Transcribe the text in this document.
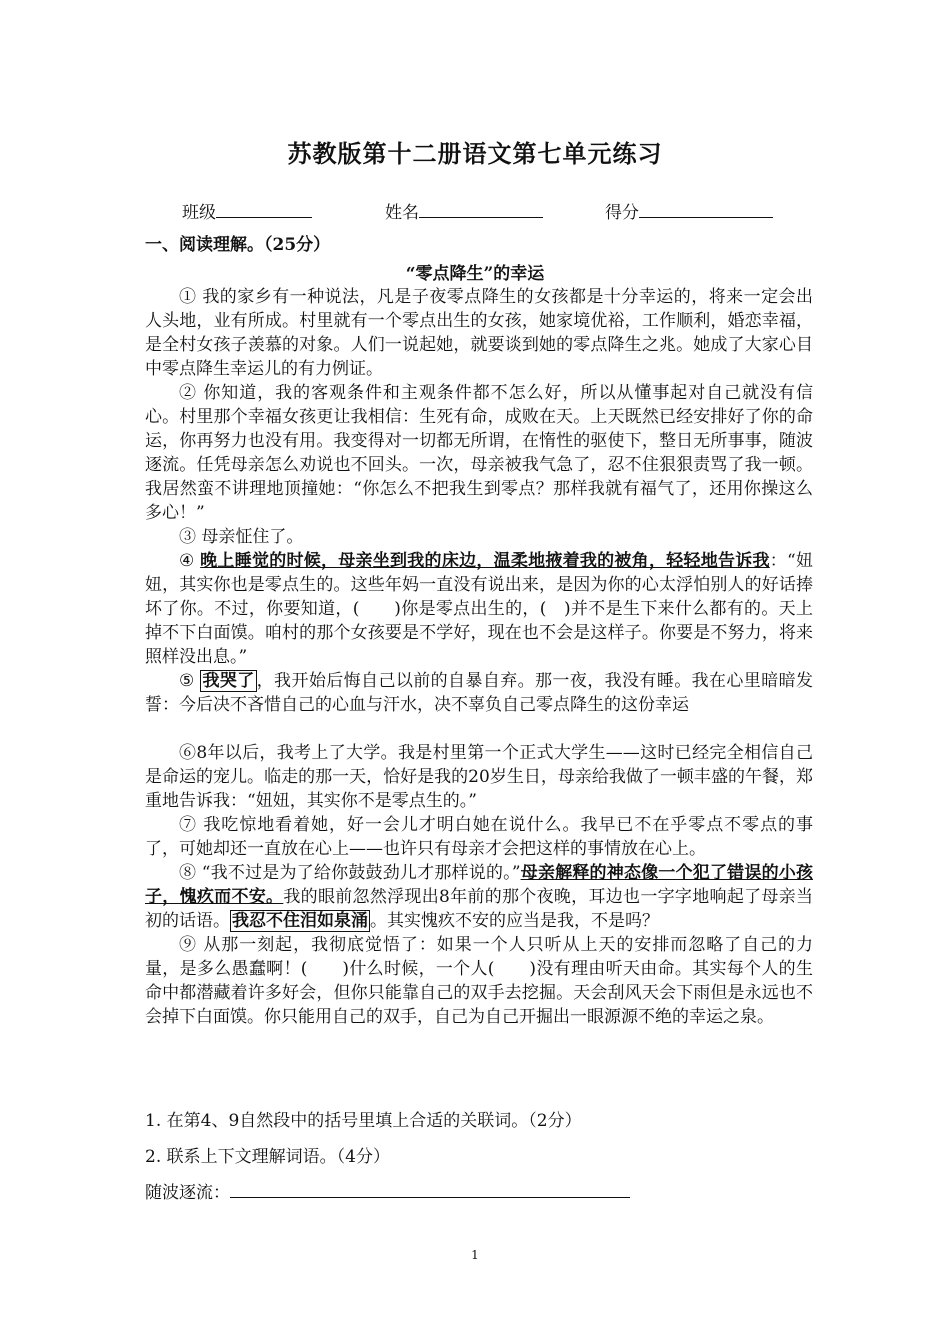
苏教版第十二册语文第七单元练习
班级	姓名	得分
一、阅读理解。（25分）
“零点降生”的幸运

① 我的家乡有一种说法，凡是子夜零点降生的女孩都是十分幸运的，将来一定会出人头地，业有所成。村里就有一个零点出生的女孩，她家境优裕，工作顺利，婚恋幸福，是全村女孩子羡慕的对象。人们一说起她，就要谈到她的零点降生之兆。她成了大家心目中零点降生幸运儿的有力例证。

② 你知道，我的客观条件和主观条件都不怎么好，所以从懂事起对自己就没有信心。村里那个幸福女孩更让我相信：生死有命，成败在天。上天既然已经安排好了你的命运，你再努力也没有用。我变得对一切都无所谓，在惰性的驱使下，整日无所事事，随波逐流。任凭母亲怎么劝说也不回头。一次，母亲被我气急了，忍不住狠狠责骂了我一顿。我居然蛮不讲理地顶撞她：“你怎么不把我生到零点？那样我就有福气了，还用你操这么多心！”

③ 母亲怔住了。

④ 晚上睡觉的时候，母亲坐到我的床边，温柔地掖着我的被角，轻轻地告诉我：“妞妞，其实你也是零点生的。这些年妈一直没有说出来，是因为你的心太浮怕别人的好话捧坏了你。不过，你要知道，(　　)你是零点出生的，(　)并不是生下来什么都有的。天上掉不下白面馍。咱村的那个女孩要是不学好，现在也不会是这样子。你要是不努力，将来照样没出息。”

⑤ 我哭了 ，我开始后悔自己以前的自暴自弃。那一夜，我没有睡。我在心里暗暗发誓：今后决不吝惜自己的心血与汗水，决不辜负自己零点降生的这份幸运

⑥8年以后，我考上了大学。我是村里第一个正式大学生——这时已经完全相信自己是命运的宠儿。临走的那一天，恰好是我的20岁生日，母亲给我做了一顿丰盛的午餐，郑重地告诉我：“妞妞，其实你不是零点生的。”

⑦ 我吃惊地看着她，好一会儿才明白她在说什么。我早已不在乎零点不零点的事了，可她却还一直放在心上——也许只有母亲才会把这样的事情放在心上。

⑧ “我不过是为了给你鼓鼓劲儿才那样说的。”母亲解释的神态像一个犯了错误的小孩子，愧疚而不安。我的眼前忽然浮现出8年前的那个夜晚，耳边也一字字地响起了母亲当初的话语。 我忍不住泪如泉涌 。其实愧疚不安的应当是我，不是吗？

⑨ 从那一刻起，我彻底觉悟了：如果一个人只听从上天的安排而忽略了自己的力量，是多么愚蠢啊！(　　)什么时候，一个人(　　)没有理由听天由命。其实每个人的生命中都潜藏着许多好会，但你只能靠自己的双手去挖掘。天会刮风天会下雨但是永远也不会掉下白面馍。你只能用自己的双手，自己为自己开掘出一眼源源不绝的幸运之泉。

1. 在第4、9自然段中的括号里填上合适的关联词。（2分）
2. 联系上下文理解词语。（4分）
随波逐流：
1
